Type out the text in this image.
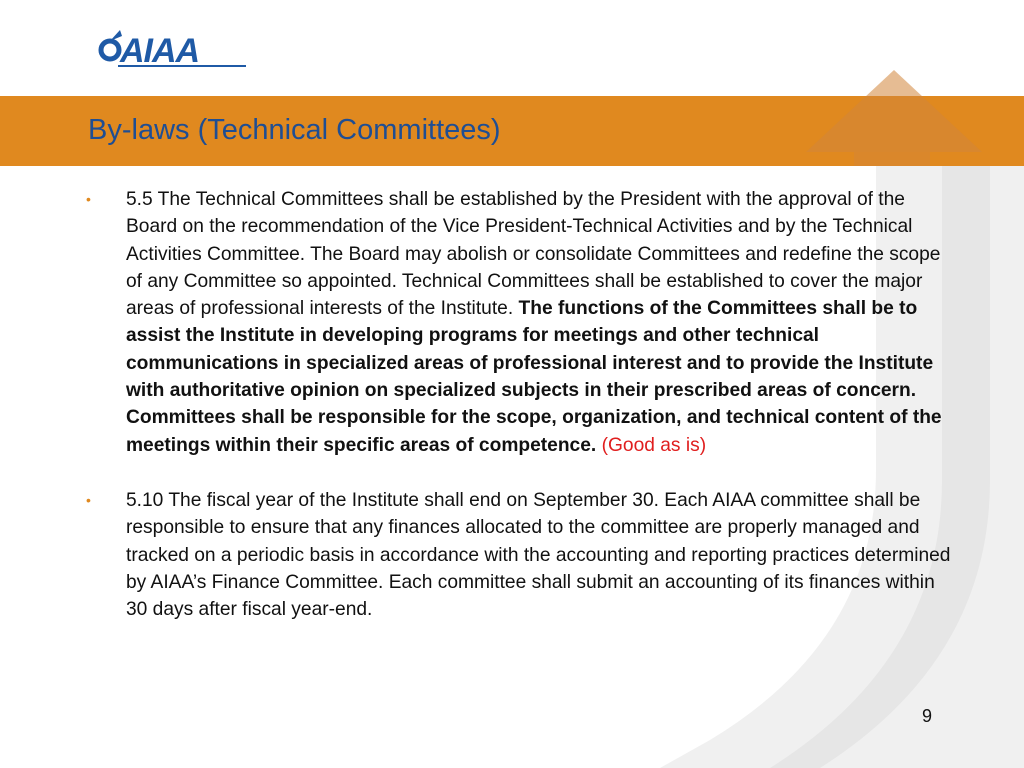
AIAA
By-laws (Technical Committees)
• 5.5 The Technical Committees shall be established by the President with the approval of the Board on the recommendation of the Vice President-Technical Activities and by the Technical Activities Committee. The Board may abolish or consolidate Committees and redefine the scope of any Committee so appointed. Technical Committees shall be established to cover the major areas of professional interests of the Institute. The functions of the Committees shall be to assist the Institute in developing programs for meetings and other technical communications in specialized areas of professional interest and to provide the Institute with authoritative opinion on specialized subjects in their prescribed areas of concern. Committees shall be responsible for the scope, organization, and technical content of the meetings within their specific areas of competence. (Good as is)
• 5.10 The fiscal year of the Institute shall end on September 30. Each AIAA committee shall be responsible to ensure that any finances allocated to the committee are properly managed and tracked on a periodic basis in accordance with the accounting and reporting practices determined by AIAA’s Finance Committee. Each committee shall submit an accounting of its finances within 30 days after fiscal year-end.
9
